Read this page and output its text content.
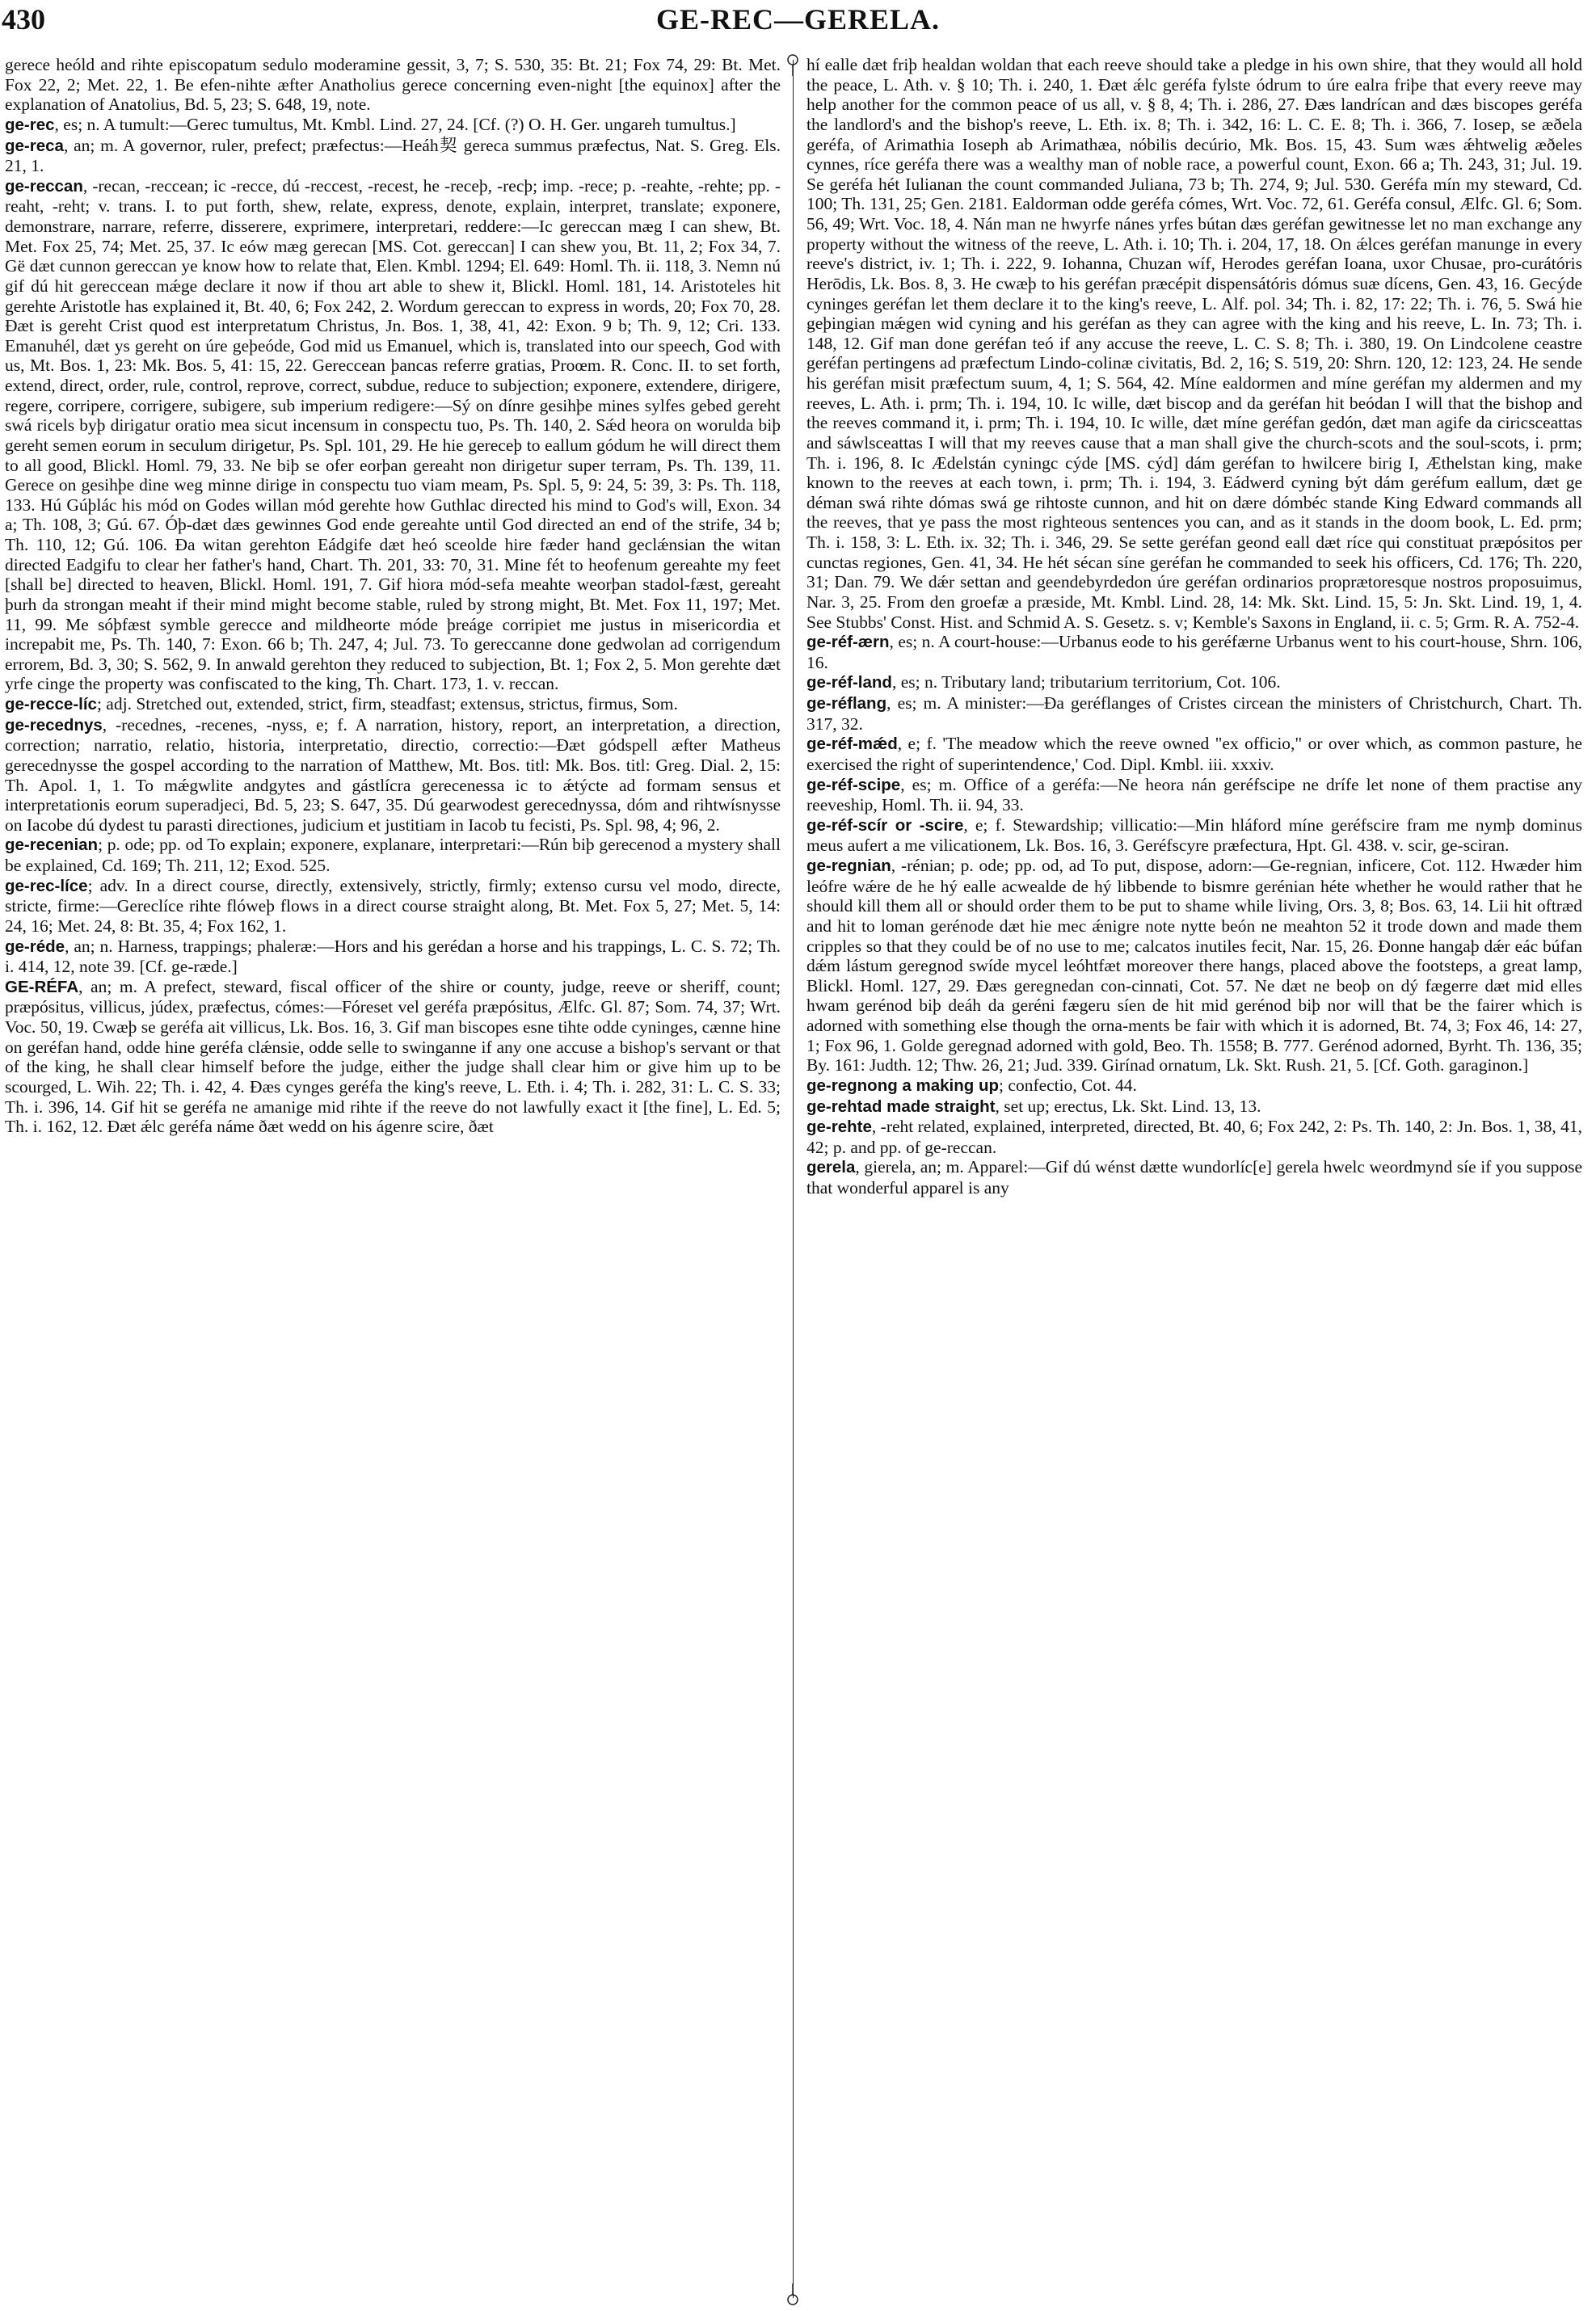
430	GE-REC—GERELA.

gerece heóld and rihte episcopatum sedulo moderamine gessit, 3, 7; S. 530, 35: Bt. 21; Fox 74, 29: Bt. Met. Fox 22, 2; Met. 22, 1. Be efen-nihte æfter Anatholius gerece concerning even-night [the equinox] after the explanation of Anatolius, Bd. 5, 23; S. 648, 19, note.

ge-rec, es; n. A tumult:—Gerec tumultus, Mt. Kmbl. Lind. 27, 24. [Cf. (?) O. H. Ger. ungareh tumultus.]

ge-reca, an; m. A governor, ruler, prefect; præfectus:—Heáh契 gereca summus præfectus, Nat. S. Greg. Els. 21, 1.

ge-reccan, -recan, -reccean; ic -recce, dú -reccest, -recest, he -receþ, -recþ; imp. -rece; p. -reahte, -rehte; pp. -reaht, -reht; v. trans. I. to put forth, shew, relate, express, denote, explain, interpret, translate; exponere, demonstrare, narrare, referre, disserere, exprimere, interpretari, reddere:—Ic gereccan mæg I can shew, Bt. Met. Fox 25, 74; Met. 25, 37. Ic eów mæg gerecan [MS. Cot. gereccan] I can shew you, Bt. 11, 2; Fox 34, 7. Gë dæt cunnon gereccan ye know how to relate that, Elen. Kmbl. 1294; El. 649: Homl. Th. ii. 118, 3. Nemn nú gif dú hit gereccean mǽge declare it now if thou art able to shew it, Blickl. Homl. 181, 14. Aristoteles hit gerehte Aristotle has explained it, Bt. 40, 6; Fox 242, 2. Wordum gereccan to express in words, 20; Fox 70, 28. Ðæt is gereht Crist quod est interpretatum Christus, Jn. Bos. 1, 38, 41, 42: Exon. 9 b; Th. 9, 12; Cri. 133. Emanuhél, dæt ys gereht on úre geþeóde, God mid us Emanuel, which is, translated into our speech, God with us, Mt. Bos. 1, 23: Mk. Bos. 5, 41: 15, 22. Gereccean þancas referre gratias, Proœm. R. Conc. II. to set forth, extend, direct, order, rule, control, reprove, correct, subdue, reduce to subjection; exponere, extendere, dirigere, regere, corripere, corrigere, subigere, sub imperium redigere:—Sý on dínre gesihþe mines sylfes gebed gereht swá ricels byþ dirigatur oratio mea sicut incensum in conspectu tuo, Ps. Th. 140, 2. Sǽd heora on worulda biþ gereht semen eorum in seculum dirigetur, Ps. Spl. 101, 29. He hie gereceþ to eallum gódum he will direct them to all good, Blickl. Homl. 79, 33. Ne biþ se ofer eorþan gereaht non dirigetur super terram, Ps. Th. 139, 11. Gerece on gesihþe dine weg minne dirige in conspectu tuo viam meam, Ps. Spl. 5, 9: 24, 5: 39, 3: Ps. Th. 118, 133. Hú Gúþlác his mód on Godes willan mód gerehte how Guthlac directed his mind to God's will, Exon. 34 a; Th. 108, 3; Gú. 67. Óþ-dæt dæs gewinnes God ende gereahte until God directed an end of the strife, 34 b; Th. 110, 12; Gú. 106. Ða witan gerehton Eádgife dæt heó sceolde hire fæder hand geclǽnsian the witan directed Eadgifu to clear her father's hand, Chart. Th. 201, 33: 70, 31. Mine fét to heofenum gereahte my feet [shall be] directed to heaven, Blickl. Homl. 191, 7. Gif hiora mód-sefa meahte weorþan stadol-fæst, gereaht þurh da strongan meaht if their mind might become stable, ruled by strong might, Bt. Met. Fox 11, 197; Met. 11, 99. Me sóþfæst symble gerecce and mildheorte móde þreáge corripiet me justus in misericordia et increpabit me, Ps. Th. 140, 7: Exon. 66 b; Th. 247, 4; Jul. 73. To gereccanne done gedwolan ad corrigendum errorem, Bd. 3, 30; S. 562, 9. In anwald gerehton they reduced to subjection, Bt. 1; Fox 2, 5. Mon gerehte dæt yrfe cinge the property was confiscated to the king, Th. Chart. 173, 1. v. reccan.

ge-recce-líc; adj. Stretched out, extended, strict, firm, steadfast; extensus, strictus, firmus, Som.

ge-recednys, -recednes, -recenes, -nyss, e; f. A narration, history, report, an interpretation, a direction, correction; narratio, relatio, historia, interpretatio, directio, correctio:—Ðæt gódspell æfter Matheus gerecednysse the gospel according to the narration of Matthew, Mt. Bos. titl: Mk. Bos. titl: Greg. Dial. 2, 15: Th. Apol. 1, 1. To mǽgwlite andgytes and gástlícra gerecenessa ic to ǽtýcte ad formam sensus et interpretationis eorum superadjeci, Bd. 5, 23; S. 647, 35. Dú gearwodest gerecednyssa, dóm and rihtwísnysse on Iacobe dú dydest tu parasti directiones, judicium et justitiam in Iacob tu fecisti, Ps. Spl. 98, 4; 96, 2.

ge-recenian; p. ode; pp. od To explain; exponere, explanare, interpretari:—Rún biþ gerecenod a mystery shall be explained, Cd. 169; Th. 211, 12; Exod. 525.

ge-rec-líce; adv. In a direct course, directly, extensively, strictly, firmly; extenso cursu vel modo, directe, stricte, firme:—Gereclíce rihte flóweþ flows in a direct course straight along, Bt. Met. Fox 5, 27; Met. 5, 14: 24, 16; Met. 24, 8: Bt. 35, 4; Fox 162, 1.

ge-réde, an; n. Harness, trappings; phaleræ:—Hors and his gerédan a horse and his trappings, L. C. S. 72; Th. i. 414, 12, note 39. [Cf. ge-ræde.]

GE-RÉFA, an; m. A prefect, steward, fiscal officer of the shire or county, judge, reeve or sheriff, count; præpósitus, villicus, júdex, præfectus, cómes:—Fóreset vel geréfa præpósitus, Ælfc. Gl. 87; Som. 74, 37; Wrt. Voc. 50, 19. Cwæþ se geréfa ait villicus, Lk. Bos. 16, 3. Gif man biscopes esne tihte odde cyninges, cænne hine on geréfan hand, odde hine geréfa clǽnsie, odde selle to swinganne if any one accuse a bishop's servant or that of the king, he shall clear himself before the judge, either the judge shall clear him or give him up to be scourged, L. Wih. 22; Th. i. 42, 4. Ðæs cynges geréfa the king's reeve, L. Eth. i. 4; Th. i. 282, 31: L. C. S. 33; Th. i. 396, 14. Gif hit se geréfa ne amanige mid rihte if the reeve do not lawfully exact it [the fine], L. Ed. 5; Th. i. 162, 12. Ðæt ǽlc geréfa náme ðæt wedd on his ágenre scire, ðæt

hí ealle dæt friþ healdan woldan that each reeve should take a pledge in his own shire, that they would all hold the peace, L. Ath. v. § 10; Th. i. 240, 1. Ðæt ǽlc geréfa fylste ódrum to úre ealra friþe that every reeve may help another for the common peace of us all, v. § 8, 4; Th. i. 286, 27. Ðæs landrícan and dæs biscopes geréfa the landlord's and the bishop's reeve, L. Eth. ix. 8; Th. i. 342, 16: L. C. E. 8; Th. i. 366, 7. Iosep, se æðela geréfa, of Arimathia Ioseph ab Arimathæa, nóbilis decúrio, Mk. Bos. 15, 43. Sum wæs ǽhtwelig æðeles cynnes, ríce geréfa there was a wealthy man of noble race, a powerful count, Exon. 66 a; Th. 243, 31; Jul. 19. Se geréfa hét Iulianan the count commanded Juliana, 73 b; Th. 274, 9; Jul. 530. Geréfa mín my steward, Cd. 100; Th. 131, 25; Gen. 2181. Ealdorman odde geréfa cómes, Wrt. Voc. 72, 61. Geréfa consul, Ælfc. Gl. 6; Som. 56, 49; Wrt. Voc. 18, 4. Nán man ne hwyrfe nánes yrfes bútan dæs geréfan gewitnesse let no man exchange any property without the witness of the reeve, L. Ath. i. 10; Th. i. 204, 17, 18. On ǽlces geréfan manunge in every reeve's district, iv. 1; Th. i. 222, 9. Iohanna, Chuzan wíf, Herodes geréfan Ioana, uxor Chusae, pro-curátóris Herōdis, Lk. Bos. 8, 3. He cwæþ to his geréfan præcépit dispensátóris dómus suæ dícens, Gen. 43, 16. Gecýde cyninges geréfan let them declare it to the king's reeve, L. Alf. pol. 34; Th. i. 82, 17: 22; Th. i. 76, 5. Swá hie geþingian mǽgen wid cyning and his geréfan as they can agree with the king and his reeve, L. In. 73; Th. i. 148, 12. Gif man done geréfan teó if any accuse the reeve, L. C. S. 8; Th. i. 380, 19. On Lindcolene ceastre geréfan pertingens ad præfectum Lindo-colinæ civitatis, Bd. 2, 16; S. 519, 20: Shrn. 120, 12: 123, 24. He sende his geréfan misit præfectum suum, 4, 1; S. 564, 42. Míne ealdormen and míne geréfan my aldermen and my reeves, L. Ath. i. prm; Th. i. 194, 10. Ic wille, dæt biscop and da geréfan hit beódan I will that the bishop and the reeves command it, i. prm; Th. i. 194, 10. Ic wille, dæt míne geréfan gedón, dæt man agife da ciricsceattas and sáwlsceattas I will that my reeves cause that a man shall give the church-scots and the soul-scots, i. prm; Th. i. 196, 8. Ic Ædelstán cyningc cýde [MS. cýd] dám geréfan to hwilcere birig I, Æthelstan king, make known to the reeves at each town, i. prm; Th. i. 194, 3. Eádwerd cyning být dám geréfum eallum, dæt ge déman swá rihte dómas swá ge rihtoste cunnon, and hit on dære dómbéc stande King Edward commands all the reeves, that ye pass the most righteous sentences you can, and as it stands in the doom book, L. Ed. prm; Th. i. 158, 3: L. Eth. ix. 32; Th. i. 346, 29. Se sette geréfan geond eall dæt ríce qui constituat præpósitos per cunctas regiones, Gen. 41, 34. He hét sécan síne geréfan he commanded to seek his officers, Cd. 176; Th. 220, 31; Dan. 79. We dǽr settan and geendebyrdedon úre geréfan ordinarios proprætoresque nostros proposuimus, Nar. 3, 25. From den groefæ a præside, Mt. Kmbl. Lind. 28, 14: Mk. Skt. Lind. 15, 5: Jn. Skt. Lind. 19, 1, 4. See Stubbs' Const. Hist. and Schmid A. S. Gesetz. s. v; Kemble's Saxons in England, ii. c. 5; Grm. R. A. 752-4.

ge-réf-ærn, es; n. A court-house:—Urbanus eode to his geréfærne Urbanus went to his court-house, Shrn. 106, 16.

ge-réf-land, es; n. Tributary land; tributarium territorium, Cot. 106.

ge-réflang, es; m. A minister:—Ða geréflanges of Cristes circean the ministers of Christchurch, Chart. Th. 317, 32.

ge-réf-mǽd, e; f. 'The meadow which the reeve owned "ex officio," or over which, as common pasture, he exercised the right of superintendence,' Cod. Dipl. Kmbl. iii. xxxiv.

ge-réf-scipe, es; m. Office of a geréfa:—Ne heora nán geréfscipe ne drífe let none of them practise any reeveship, Homl. Th. ii. 94, 33.

ge-réf-scír or -scire, e; f. Stewardship; villicatio:—Min hláford míne geréfscire fram me nymþ dominus meus aufert a me vilicationem, Lk. Bos. 16, 3. Geréfscyre præfectura, Hpt. Gl. 438. v. scir, ge-sciran.

ge-regnian, -rénian; p. ode; pp. od, ad To put, dispose, adorn:—Ge-regnian, inficere, Cot. 112. Hwæder him leófre wǽre de he hý ealle acwealde de hý libbende to bismre gerénian héte whether he would rather that he should kill them all or should order them to be put to shame while living, Ors. 3, 8; Bos. 63, 14. Lii hit oftræd and hit to loman gerénode dæt hie mec ǽnigre note nytte beón ne meahton 52 it trode down and made them cripples so that they could be of no use to me; calcatos inutiles fecit, Nar. 15, 26. Ðonne hangaþ dǽr eác búfan dǽm lástum geregnod swíde mycel leóhtfæt moreover there hangs, placed above the footsteps, a great lamp, Blickl. Homl. 127, 29. Ðæs geregnedan con-cinnati, Cot. 57. Ne dæt ne beoþ on dý fægerre dæt mid elles hwam gerénod biþ deáh da geréni fægeru síen de hit mid gerénod biþ nor will that be the fairer which is adorned with something else though the orna-ments be fair with which it is adorned, Bt. 74, 3; Fox 46, 14: 27, 1; Fox 96, 1. Golde geregnad adorned with gold, Beo. Th. 1558; B. 777. Gerénod adorned, Byrht. Th. 136, 35; By. 161: Judth. 12; Thw. 26, 21; Jud. 339. Girínad ornatum, Lk. Skt. Rush. 21, 5. [Cf. Goth. garaginon.]

ge-regnong a making up; confectio, Cot. 44.

ge-rehtad made straight, set up; erectus, Lk. Skt. Lind. 13, 13.

ge-rehte, -reht related, explained, interpreted, directed, Bt. 40, 6; Fox 242, 2: Ps. Th. 140, 2: Jn. Bos. 1, 38, 41, 42; p. and pp. of ge-reccan.

gerela, gierela, an; m. Apparel:—Gif dú wénst dætte wundorlíc[e] gerela hwelc weordmynd síe if you suppose that wonderful apparel is any
